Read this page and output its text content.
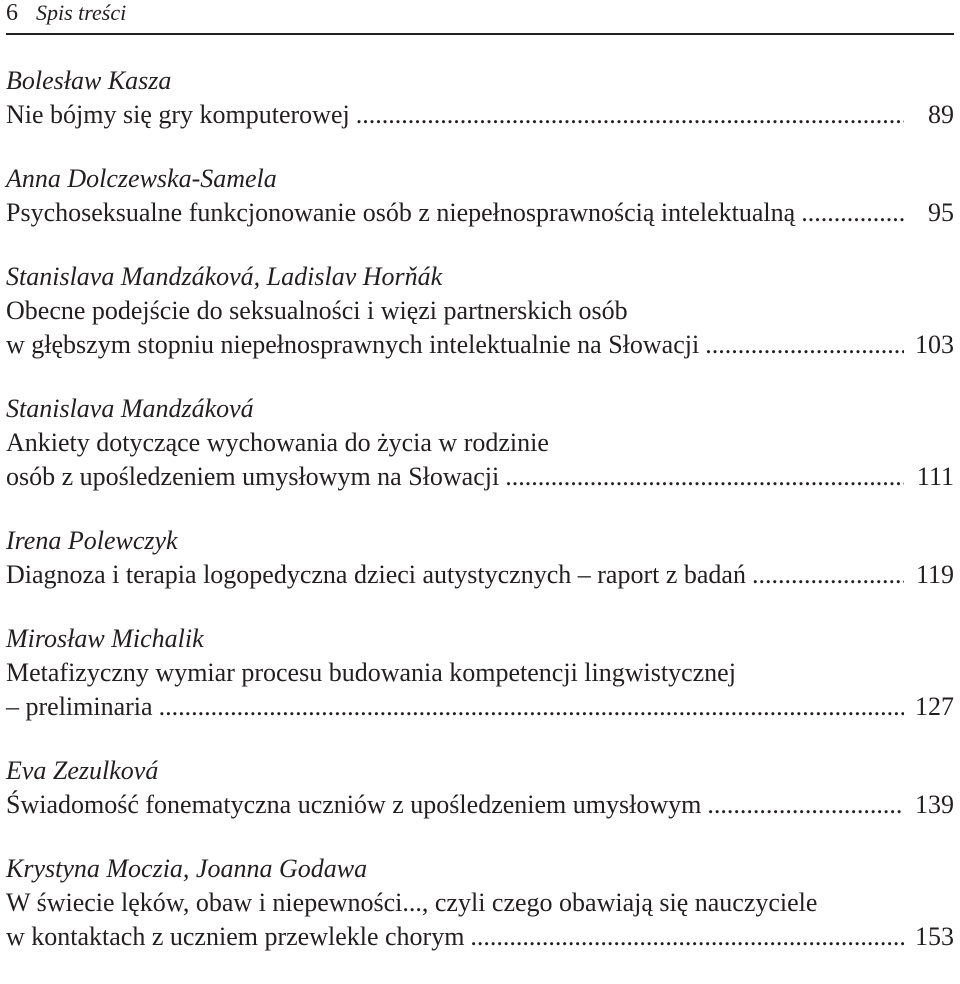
6 Spis treści
Bolesław Kasza
Nie bójmy się gry komputerowej .....	89
Anna Dolczewska-Samela
Psychoseksualne funkcjonowanie osób z niepełnosprawnością intelektualną .....	95
Stanislava Mandzáková, Ladislav Horňák
Obecne podejście do seksualności i więzi partnerskich osób
w głębszym stopniu niepełnosprawnych intelektualnie na Słowacji .....	103
Stanislava Mandzáková
Ankiety dotyczące wychowania do życia w rodzinie
osób z upośledzeniem umysłowym na Słowacji .....	111
Irena Polewczyk
Diagnoza i terapia logopedyczna dzieci autystycznych – raport z badań .....	119
Mirosław Michalik
Metafizyczny wymiar procesu budowania kompetencji lingwistycznej
– preliminaria .....	127
Eva Zezulková
Świadomość fonematyczna uczniów z upośledzeniem umysłowym .....	139
Krystyna Moczia, Joanna Godawa
W świecie lęków, obaw i niepewności..., czyli czego obawiają się nauczyciele
w kontaktach z uczniem przewlekle chorym .....	153
